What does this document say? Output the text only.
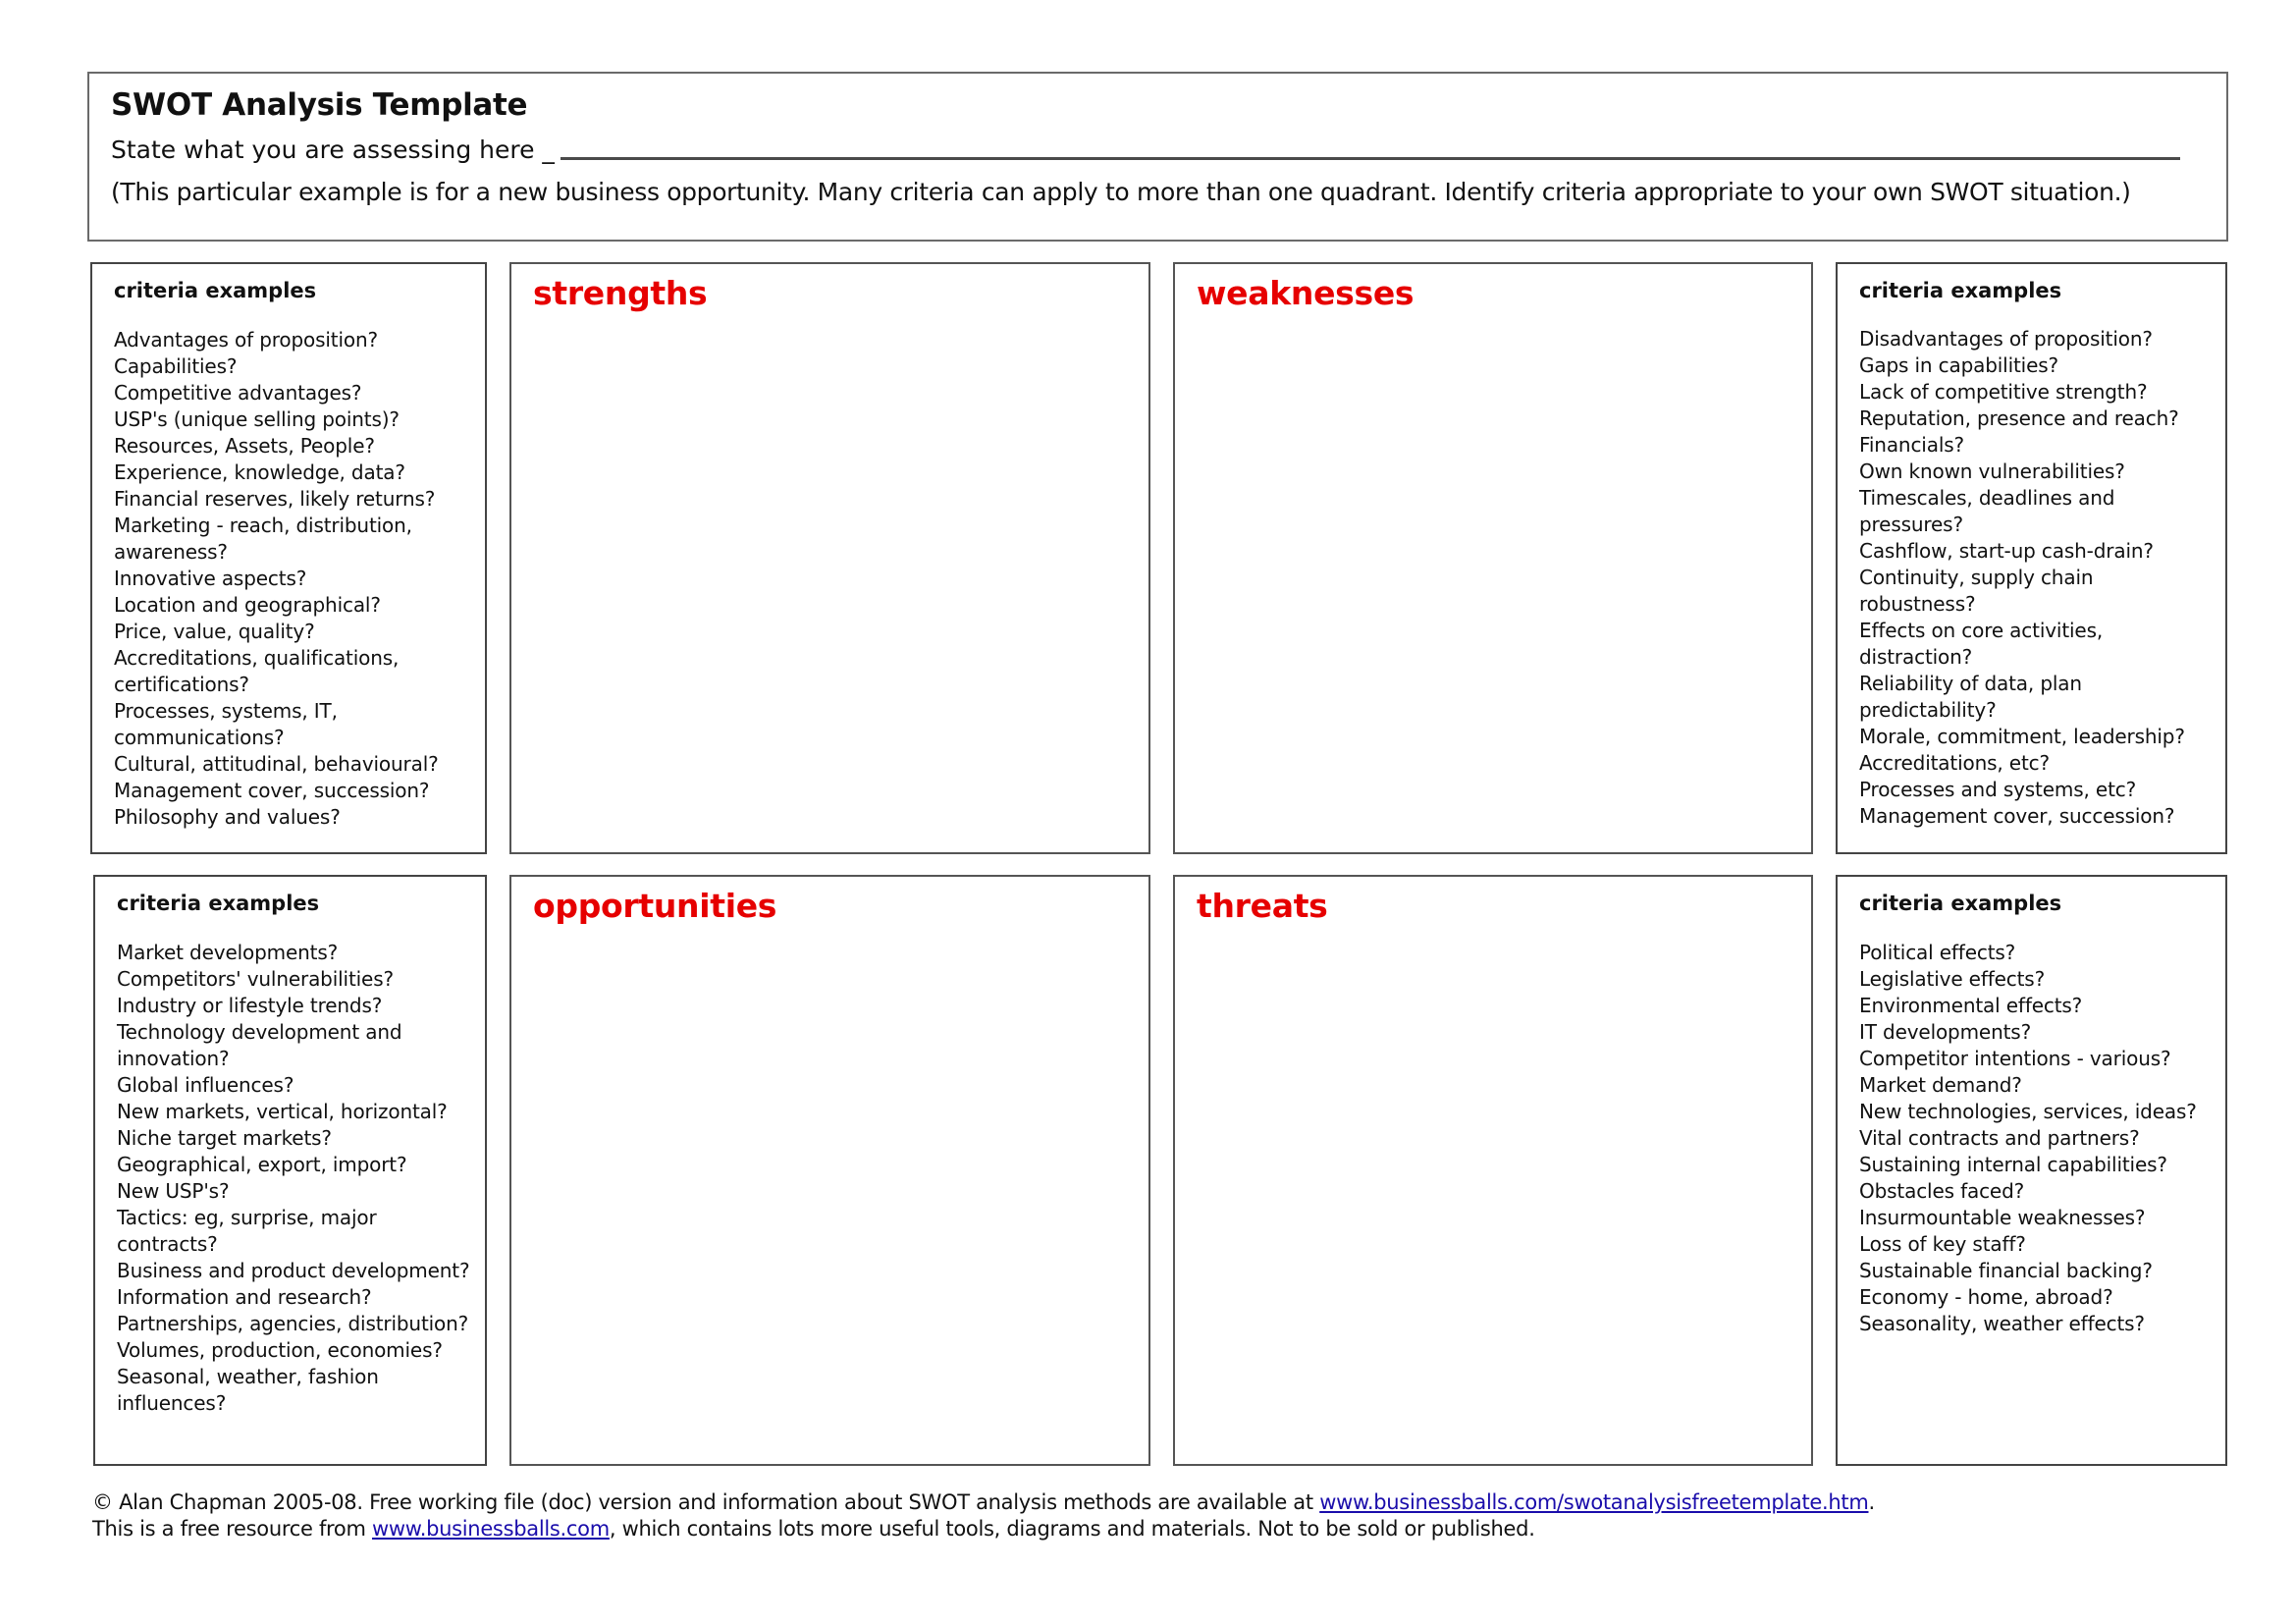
SWOT Analysis Template
State what you are assessing here _
(This particular example is for a new business opportunity. Many criteria can apply to more than one quadrant. Identify criteria appropriate to your own SWOT situation.)
criteria examples
Advantages of proposition?
Capabilities?
Competitive advantages?
USP's (unique selling points)?
Resources, Assets, People?
Experience, knowledge, data?
Financial reserves, likely returns?
Marketing - reach, distribution,
awareness?
Innovative aspects?
Location and geographical?
Price, value, quality?
Accreditations, qualifications,
certifications?
Processes, systems, IT,
communications?
Cultural, attitudinal, behavioural?
Management cover, succession?
Philosophy and values?
strengths	weaknesses	criteria examples
Disadvantages of proposition?
Gaps in capabilities?
Lack of competitive strength?
Reputation, presence and reach?
Financials?
Own known vulnerabilities?
Timescales, deadlines and
pressures?
Cashflow, start-up cash-drain?
Continuity, supply chain
robustness?
Effects on core activities,
distraction?
Reliability of data, plan
predictability?
Morale, commitment, leadership?
Accreditations, etc?
Processes and systems, etc?
Management cover, succession?
criteria examples
Market developments?
Competitors' vulnerabilities?
Industry or lifestyle trends?
Technology development and
innovation?
Global influences?
New markets, vertical, horizontal?
Niche target markets?
Geographical, export, import?
New USP's?
Tactics: eg, surprise, major
contracts?
Business and product development?
Information and research?
Partnerships, agencies, distribution?
Volumes, production, economies?
Seasonal, weather, fashion
influences?
opportunities	threats	criteria examples
Political effects?
Legislative effects?
Environmental effects?
IT developments?
Competitor intentions - various?
Market demand?
New technologies, services, ideas?
Vital contracts and partners?
Sustaining internal capabilities?
Obstacles faced?
Insurmountable weaknesses?
Loss of key staff?
Sustainable financial backing?
Economy - home, abroad?
Seasonality, weather effects?
© Alan Chapman 2005-08. Free working file (doc) version and information about SWOT analysis methods are available at www.businessballs.com/swotanalysisfreetemplate.htm.
This is a free resource from www.businessballs.com, which contains lots more useful tools, diagrams and materials. Not to be sold or published.
